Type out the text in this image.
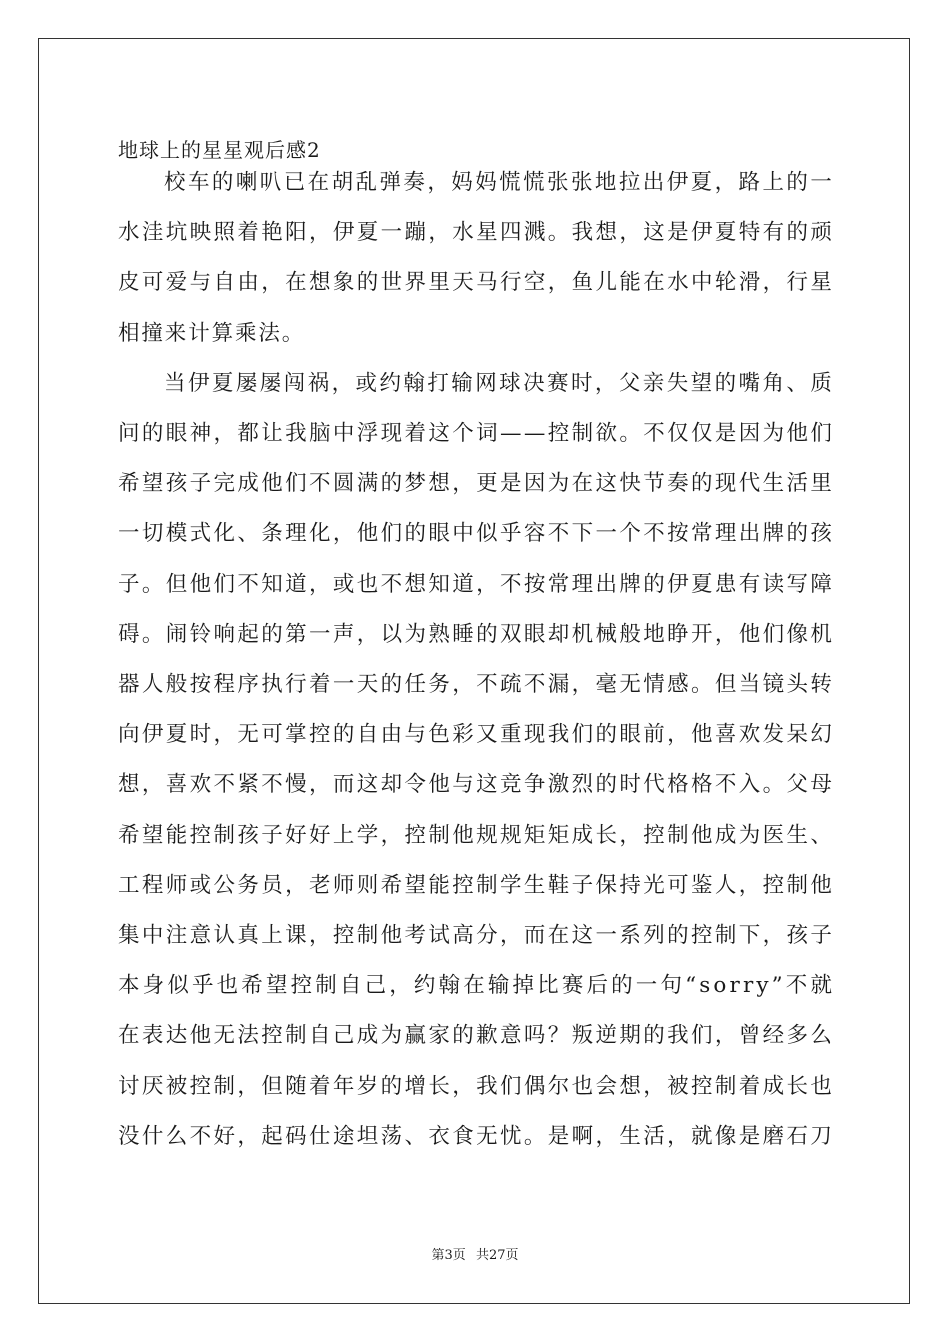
地球上的星星观后感2
校 车 的 喇 叭 已 在 胡 乱 弹 奏 ， 妈 妈 慌 慌 张 张 地 拉 出 伊 夏 ， 路 上 的 一
水 洼 坑 映 照 着 艳 阳 ， 伊 夏 一 蹦 ， 水 星 四 溅 。 我 想 ， 这 是 伊 夏 特 有 的 顽
皮 可 爱 与 自 由 ， 在 想 象 的 世 界 里 天 马 行 空 ， 鱼 儿 能 在 水 中 轮 滑 ， 行 星
相撞来计算乘法。
当 伊 夏 屡 屡 闯 祸 ， 或 约 翰 打 输 网 球 决 赛 时 ， 父 亲 失 望 的 嘴 角 、 质
问 的 眼 神 ， 都 让 我 脑 中 浮 现 着 这 个 词 — — 控 制 欲 。 不 仅 仅 是 因 为 他 们
希 望 孩 子 完 成 他 们 不 圆 满 的 梦 想 ， 更 是 因 为 在 这 快 节 奏 的 现 代 生 活 里
一 切 模 式 化 、 条 理 化 ， 他 们 的 眼 中 似 乎 容 不 下 一 个 不 按 常 理 出 牌 的 孩
子 。 但 他 们 不 知 道 ， 或 也 不 想 知 道 ， 不 按 常 理 出 牌 的 伊 夏 患 有 读 写 障
碍 。 闹 铃 响 起 的 第 一 声 ， 以 为 熟 睡 的 双 眼 却 机 械 般 地 睁 开 ， 他 们 像 机
器 人 般 按 程 序 执 行 着 一 天 的 任 务 ， 不 疏 不 漏 ， 毫 无 情 感 。 但 当 镜 头 转
向 伊 夏 时 ， 无 可 掌 控 的 自 由 与 色 彩 又 重 现 我 们 的 眼 前 ， 他 喜 欢 发 呆 幻
想 ， 喜 欢 不 紧 不 慢 ， 而 这 却 令 他 与 这 竞 争 激 烈 的 时 代 格 格 不 入 。 父 母
希 望 能 控 制 孩 子 好 好 上 学 ， 控 制 他 规 规 矩 矩 成 长 ， 控 制 他 成 为 医 生 、
工 程 师 或 公 务 员 ， 老 师 则 希 望 能 控 制 学 生 鞋 子 保 持 光 可 鉴 人 ， 控 制 他
集 中 注 意 认 真 上 课 ， 控 制 他 考 试 高 分 ， 而 在 这 一 系 列 的 控 制 下 ， 孩 子
本 身 似 乎 也 希 望 控 制 自 己 ， 约 翰 在 输 掉 比 赛 后 的 一 句 “ s o r r y ” 不 就
在 表 达 他 无 法 控 制 自 己 成 为 赢 家 的 歉 意 吗 ？ 叛 逆 期 的 我 们 ， 曾 经 多 么
讨 厌 被 控 制 ， 但 随 着 年 岁 的 增 长 ， 我 们 偶 尔 也 会 想 ， 被 控 制 着 成 长 也
没 什 么 不 好 ， 起 码 仕 途 坦 荡 、 衣 食 无 忧 。 是 啊 ， 生 活 ， 就 像 是 磨 石 刀
第3页 共27页
